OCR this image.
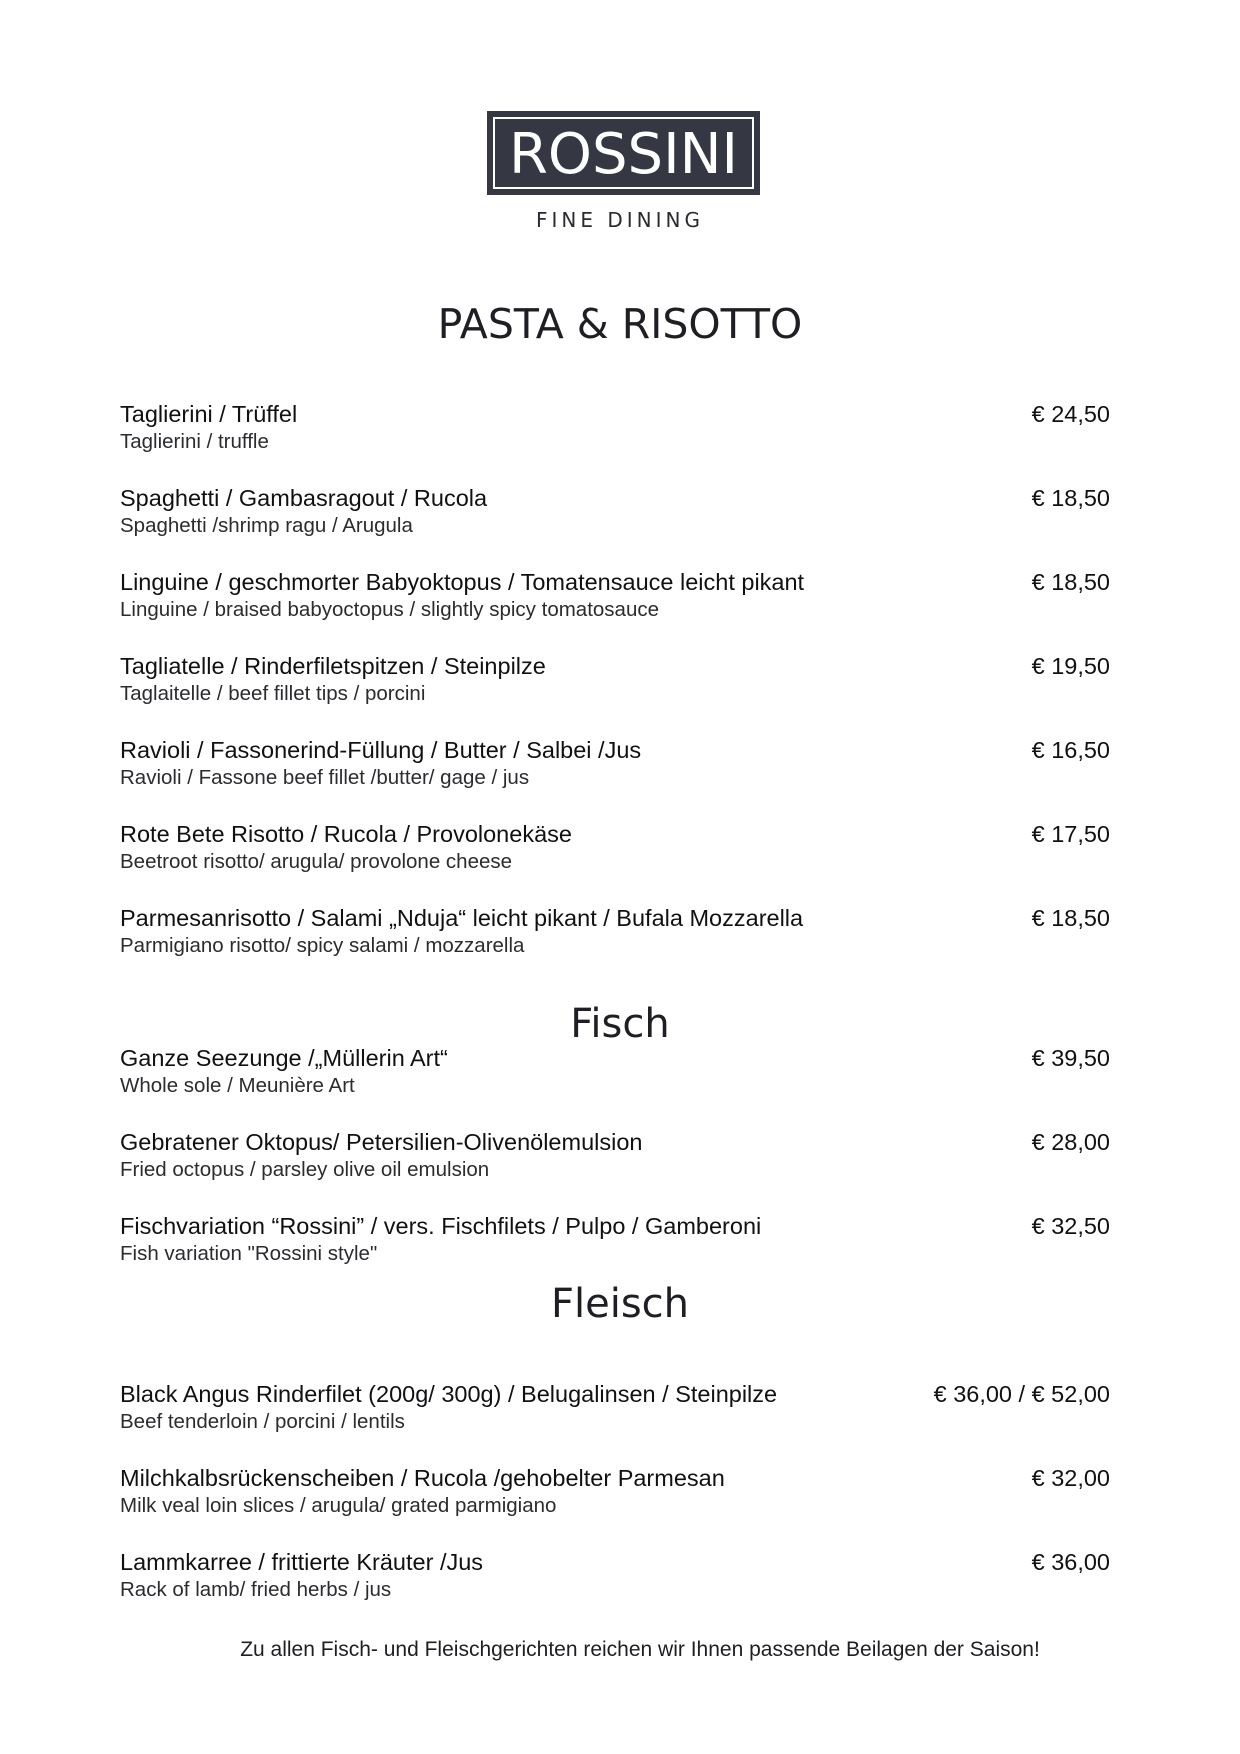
ROSSINI
FINE DINING
PASTA & RISOTTO
Fisch
Fleisch
Taglierini / Trüffel
Taglierini / truffle
€ 24,50
Spaghetti / Gambasragout / Rucola
Spaghetti /shrimp ragu / Arugula
€ 18,50
Linguine / geschmorter Babyoktopus / Tomatensauce leicht pikant
Linguine / braised babyoctopus / slightly spicy tomatosauce
€ 18,50
Tagliatelle / Rinderfiletspitzen / Steinpilze
Taglaitelle / beef fillet tips / porcini
€ 19,50
Ravioli / Fassonerind-Füllung / Butter / Salbei /Jus
Ravioli / Fassone beef fillet /butter/ gage / jus
€ 16,50
Rote Bete Risotto / Rucola / Provolonekäse
Beetroot risotto/ arugula/ provolone cheese
€ 17,50
Parmesanrisotto / Salami „Nduja“ leicht pikant / Bufala Mozzarella
Parmigiano risotto/ spicy salami / mozzarella
€ 18,50
Ganze Seezunge /„Müllerin Art“
Whole sole / Meunière Art
€ 39,50
Gebratener Oktopus/ Petersilien-Olivenölemulsion
Fried octopus / parsley olive oil emulsion
€ 28,00
Fischvariation “Rossini” / vers. Fischfilets / Pulpo / Gamberoni
Fish variation "Rossini style"
€ 32,50
Black Angus Rinderfilet (200g/ 300g) / Belugalinsen / Steinpilze
Beef tenderloin / porcini / lentils
€ 36,00 / € 52,00
Milchkalbsrückenscheiben / Rucola /gehobelter Parmesan
Milk veal loin slices / arugula/ grated parmigiano
€ 32,00
Lammkarree / frittierte Kräuter /Jus
Rack of lamb/ fried herbs / jus
€ 36,00
Zu allen Fisch- und Fleischgerichten reichen wir Ihnen passende Beilagen der Saison!
